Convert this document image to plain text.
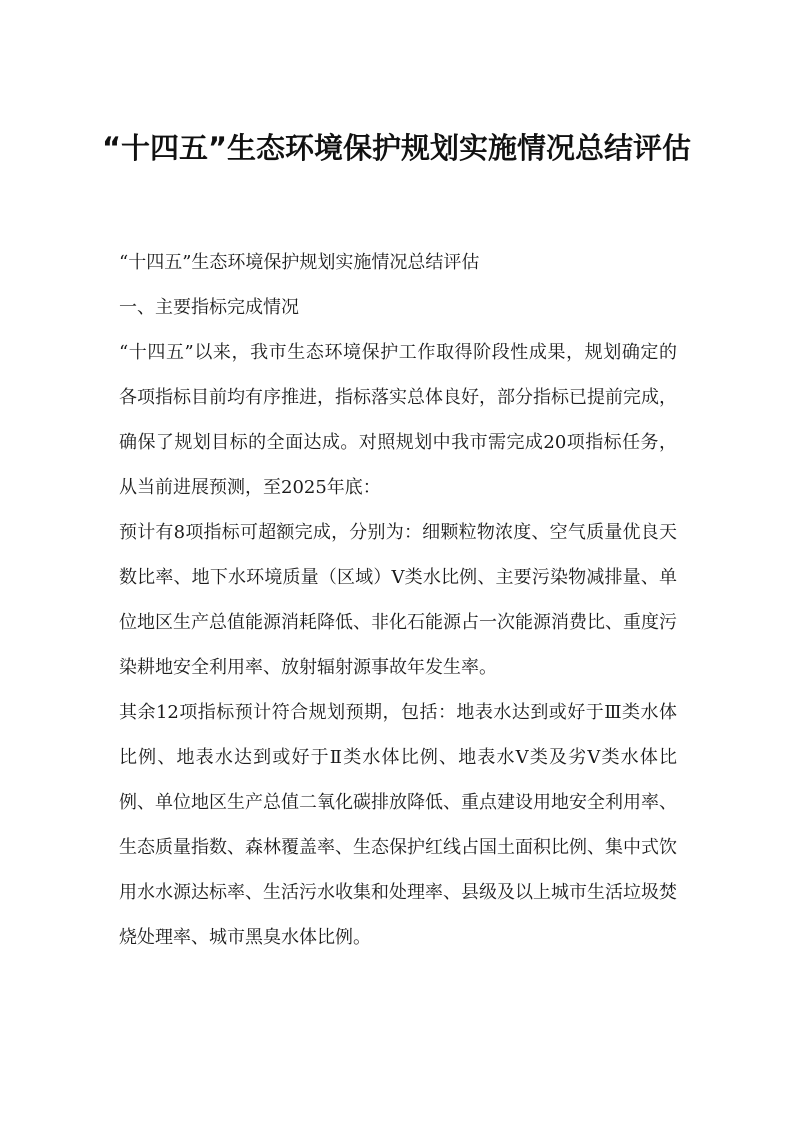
“十四五”生态环境保护规划实施情况总结评估

“十四五”生态环境保护规划实施情况总结评估

一、主要指标完成情况

“十四五”以来，我市生态环境保护工作取得阶段性成果，规划确定的各项指标目前均有序推进，指标落实总体良好，部分指标已提前完成，确保了规划目标的全面达成。对照规划中我市需完成20项指标任务，从当前进展预测，至2025年底：

预计有8项指标可超额完成，分别为：细颗粒物浓度、空气质量优良天数比率、地下水环境质量（区域）Ⅴ类水比例、主要污染物减排量、单位地区生产总值能源消耗降低、非化石能源占一次能源消费比、重度污染耕地安全利用率、放射辐射源事故年发生率。

其余12项指标预计符合规划预期，包括：地表水达到或好于Ⅲ类水体比例、地表水达到或好于Ⅱ类水体比例、地表水Ⅴ类及劣Ⅴ类水体比例、单位地区生产总值二氧化碳排放降低、重点建设用地安全利用率、生态质量指数、森林覆盖率、生态保护红线占国土面积比例、集中式饮用水水源达标率、生活污水收集和处理率、县级及以上城市生活垃圾焚烧处理率、城市黑臭水体比例。
